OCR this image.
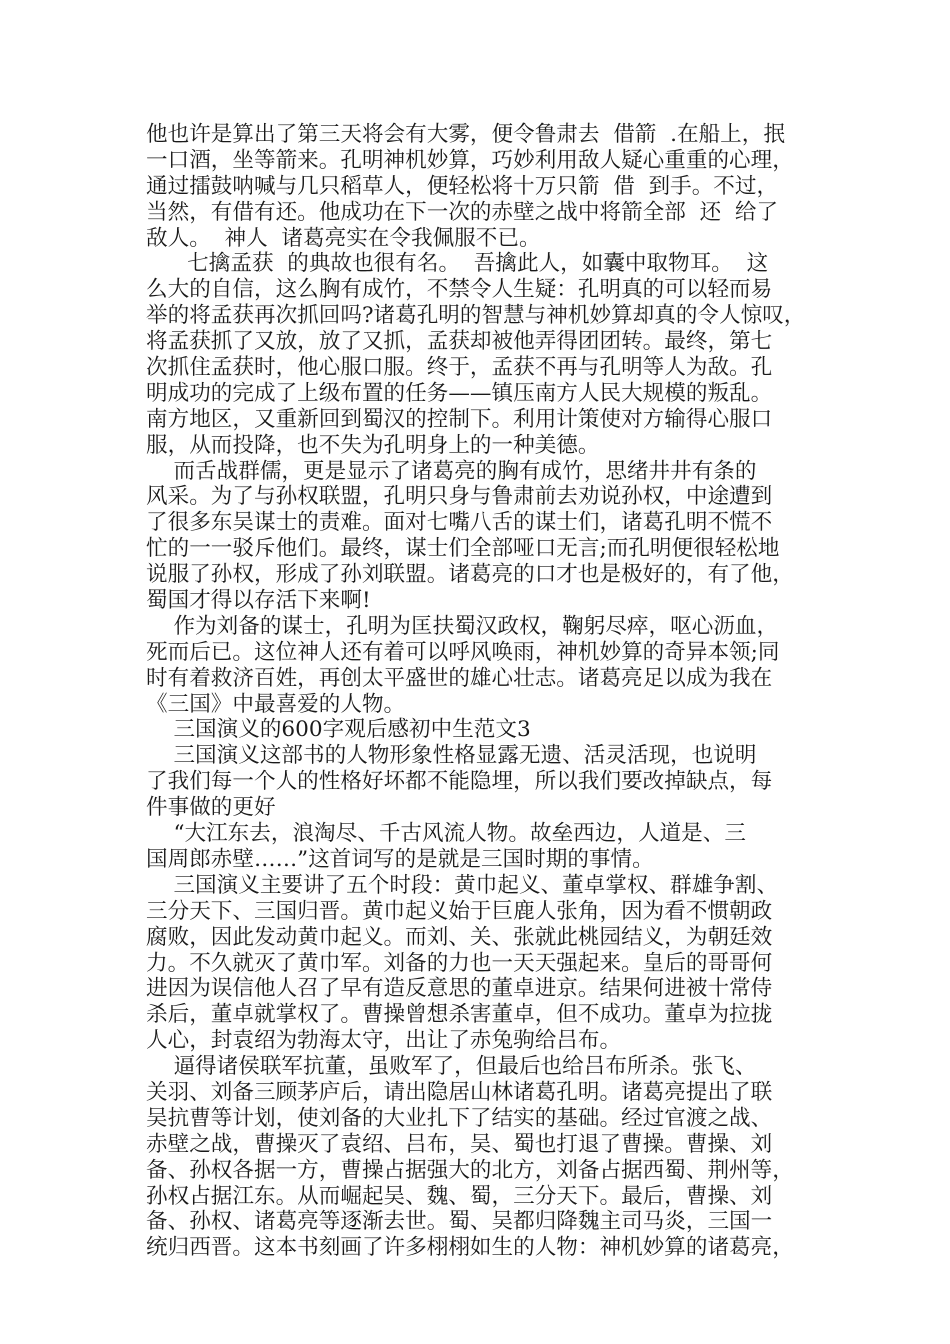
他也许是算出了第三天将会有大雾，便令鲁肃去  借箭  .在船上，抿
一口酒，坐等箭来。孔明神机妙算，巧妙利用敌人疑心重重的心理，
通过擂鼓呐喊与几只稻草人，便轻松将十万只箭  借  到手。不过，
当然，有借有还。他成功在下一次的赤壁之战中将箭全部  还  给了
敌人。  神人  诸葛亮实在令我佩服不已。
七擒孟获  的典故也很有名。  吾擒此人，如囊中取物耳。  这
么大的自信，这么胸有成竹，不禁令人生疑：孔明真的可以轻而易
举的将孟获再次抓回吗?诸葛孔明的智慧与神机妙算却真的令人惊叹，
将孟获抓了又放，放了又抓，孟获却被他弄得团团转。最终，第七
次抓住孟获时，他心服口服。终于，孟获不再与孔明等人为敌。孔
明成功的完成了上级布置的任务——镇压南方人民大规模的叛乱。
南方地区，又重新回到蜀汉的控制下。利用计策使对方输得心服口
服，从而投降，也不失为孔明身上的一种美德。
而舌战群儒，更是显示了诸葛亮的胸有成竹，思绪井井有条的
风采。为了与孙权联盟，孔明只身与鲁肃前去劝说孙权，中途遭到
了很多东吴谋士的责难。面对七嘴八舌的谋士们，诸葛孔明不慌不
忙的一一驳斥他们。最终，谋士们全部哑口无言;而孔明便很轻松地
说服了孙权，形成了孙刘联盟。诸葛亮的口才也是极好的，有了他，
蜀国才得以存活下来啊!
作为刘备的谋士，孔明为匡扶蜀汉政权，鞠躬尽瘁，呕心沥血，
死而后已。这位神人还有着可以呼风唤雨，神机妙算的奇异本领;同
时有着救济百姓，再创太平盛世的雄心壮志。诸葛亮足以成为我在
《三国》中最喜爱的人物。
三国演义的600字观后感初中生范文3
三国演义这部书的人物形象性格显露无遗、活灵活现，也说明
了我们每一个人的性格好坏都不能隐埋，所以我们要改掉缺点，每
件事做的更好
“大江东去，浪淘尽、千古风流人物。故垒西边，人道是、三
国周郎赤壁……”这首词写的是就是三国时期的事情。
三国演义主要讲了五个时段：黄巾起义、董卓掌权、群雄争割、
三分天下、三国归晋。黄巾起义始于巨鹿人张角，因为看不惯朝政
腐败，因此发动黄巾起义。而刘、关、张就此桃园结义，为朝廷效
力。不久就灭了黄巾军。刘备的力也一天天强起来。皇后的哥哥何
进因为误信他人召了早有造反意思的董卓进京。结果何进被十常侍
杀后，董卓就掌权了。曹操曾想杀害董卓，但不成功。董卓为拉拢
人心，封袁绍为勃海太守，出让了赤兔驹给吕布。
逼得诸侯联军抗董，虽败军了，但最后也给吕布所杀。张飞、
关羽、刘备三顾茅庐后，请出隐居山林诸葛孔明。诸葛亮提出了联
吴抗曹等计划，使刘备的大业扎下了结实的基础。经过官渡之战、
赤壁之战，曹操灭了袁绍、吕布，吴、蜀也打退了曹操。曹操、刘
备、孙权各据一方，曹操占据强大的北方，刘备占据西蜀、荆州等，
孙权占据江东。从而崛起吴、魏、蜀，三分天下。最后，曹操、刘
备、孙权、诸葛亮等逐渐去世。蜀、吴都归降魏主司马炎，三国一
统归西晋。这本书刻画了许多栩栩如生的人物：神机妙算的诸葛亮，
